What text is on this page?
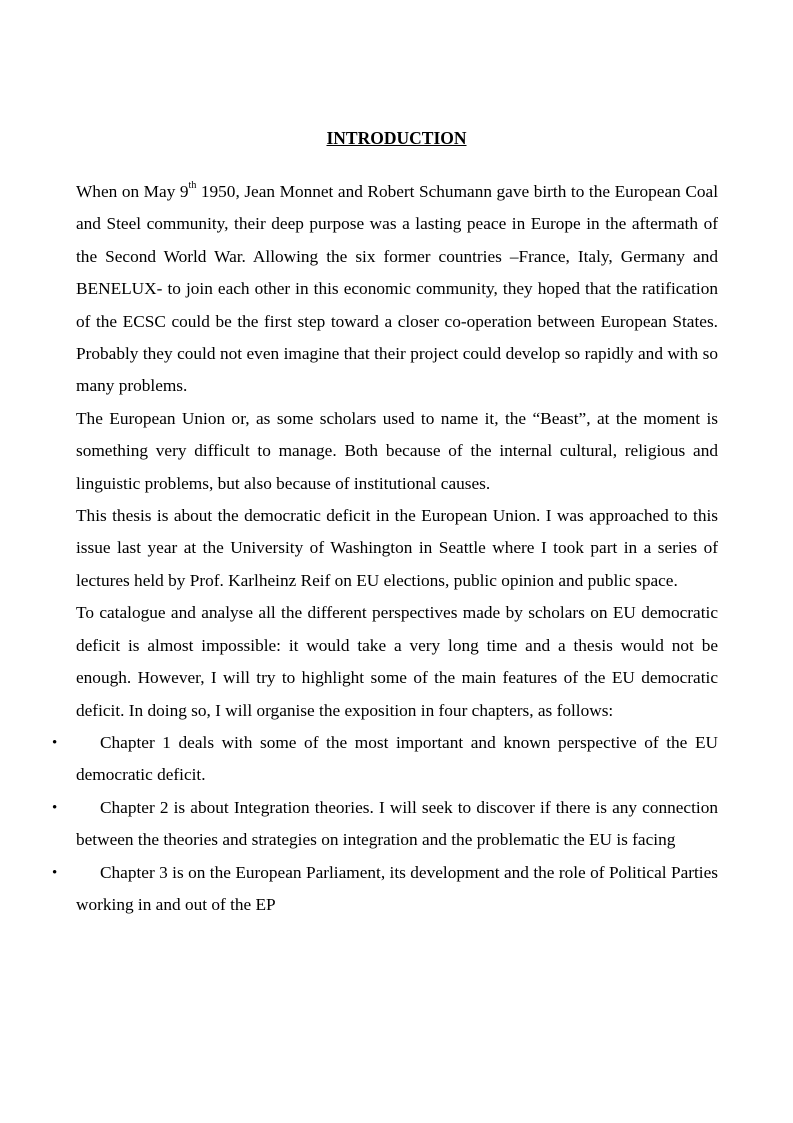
INTRODUCTION

When on May 9th 1950, Jean Monnet and Robert Schumann gave birth to the European Coal and Steel community, their deep purpose was a lasting peace in Europe in the aftermath of the Second World War. Allowing the six former countries –France, Italy, Germany and BENELUX- to join each other in this economic community, they hoped that the ratification of the ECSC could be the first step toward a closer co-operation between European States. Probably they could not even imagine that their project could develop so rapidly and with so many problems.

The European Union or, as some scholars used to name it, the “Beast”, at the moment is something very difficult to manage. Both because of the internal cultural, religious and linguistic problems, but also because of institutional causes.

This thesis is about the democratic deficit in the European Union. I was approached to this issue last year at the University of Washington in Seattle where I took part in a series of lectures held by Prof. Karlheinz Reif on EU elections, public opinion and public space.

To catalogue and analyse all the different perspectives made by scholars on EU democratic deficit is almost impossible: it would take a very long time and a thesis would not be enough. However, I will try to highlight some of the main features of the EU democratic deficit. In doing so, I will organise the exposition in four chapters, as follows:

• Chapter 1 deals with some of the most important and known perspective of the EU democratic deficit.

• Chapter 2 is about Integration theories. I will seek to discover if there is any connection between the theories and strategies on integration and the problematic the EU is facing

• Chapter 3 is on the European Parliament, its development and the role of Political Parties working in and out of the EP
